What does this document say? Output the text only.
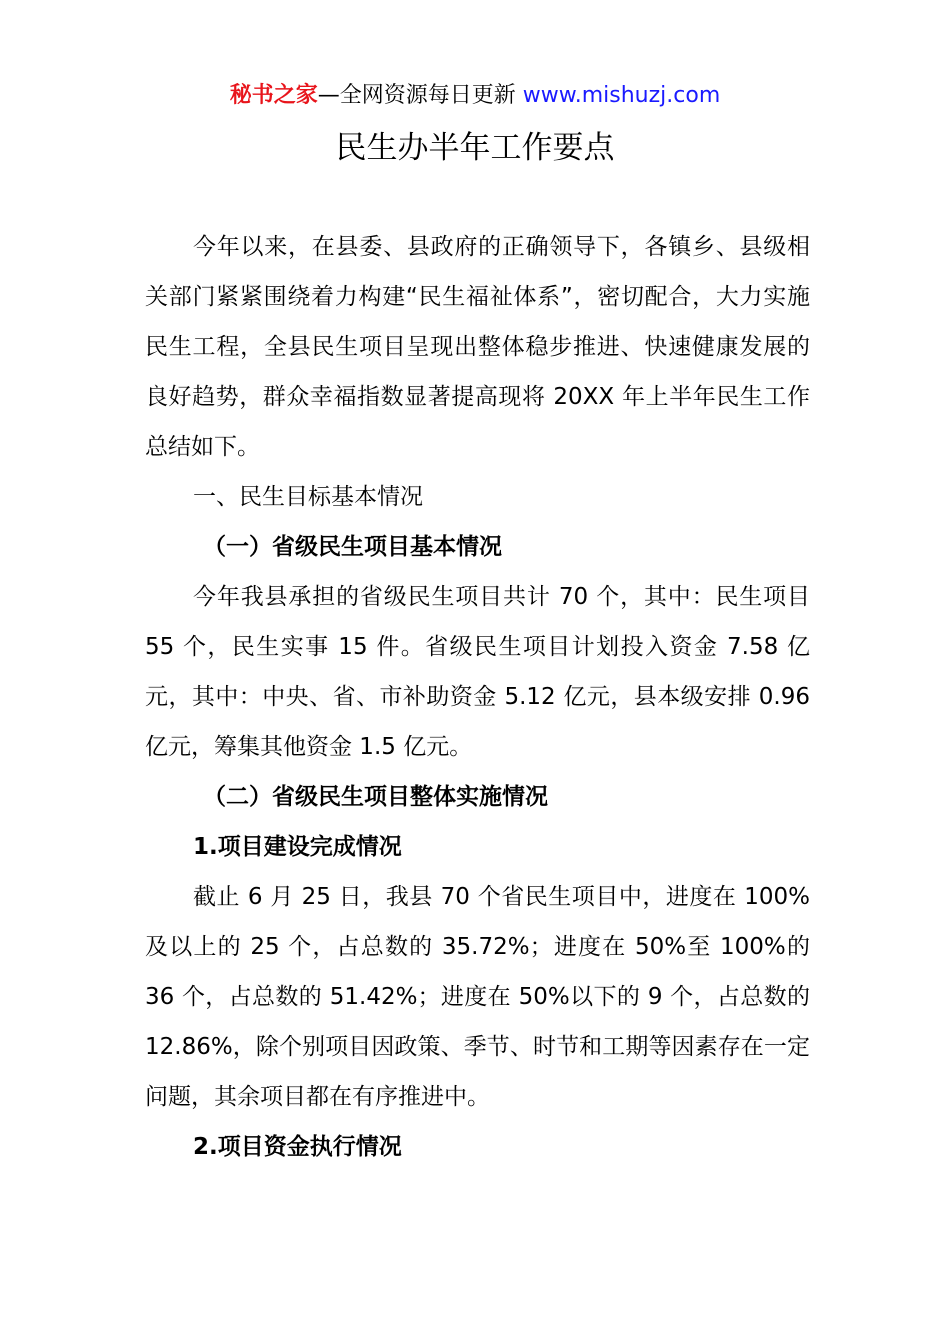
秘书之家—全网资源每日更新 www.mishuzj.com
民生办半年工作要点

今年以来，在县委、县政府的正确领导下，各镇乡、县级相关部门紧紧围绕着力构建“民生福祉体系”，密切配合，大力实施民生工程，全县民生项目呈现出整体稳步推进、快速健康发展的良好趋势，群众幸福指数显著提高现将 20XX 年上半年民生工作总结如下。

一、民生目标基本情况

（一）省级民生项目基本情况

今年我县承担的省级民生项目共计 70 个，其中：民生项目 55 个，民生实事 15 件。省级民生项目计划投入资金 7.58 亿元，其中：中央、省、市补助资金 5.12 亿元，县本级安排 0.96 亿元，筹集其他资金 1.5 亿元。

（二）省级民生项目整体实施情况

1.项目建设完成情况

截止 6 月 25 日，我县 70 个省民生项目中，进度在 100%及以上的 25 个，占总数的 35.72%；进度在 50%至 100%的 36 个，占总数的 51.42%；进度在 50%以下的 9 个，占总数的 12.86%，除个别项目因政策、季节、时节和工期等因素存在一定问题，其余项目都在有序推进中。

2.项目资金执行情况
